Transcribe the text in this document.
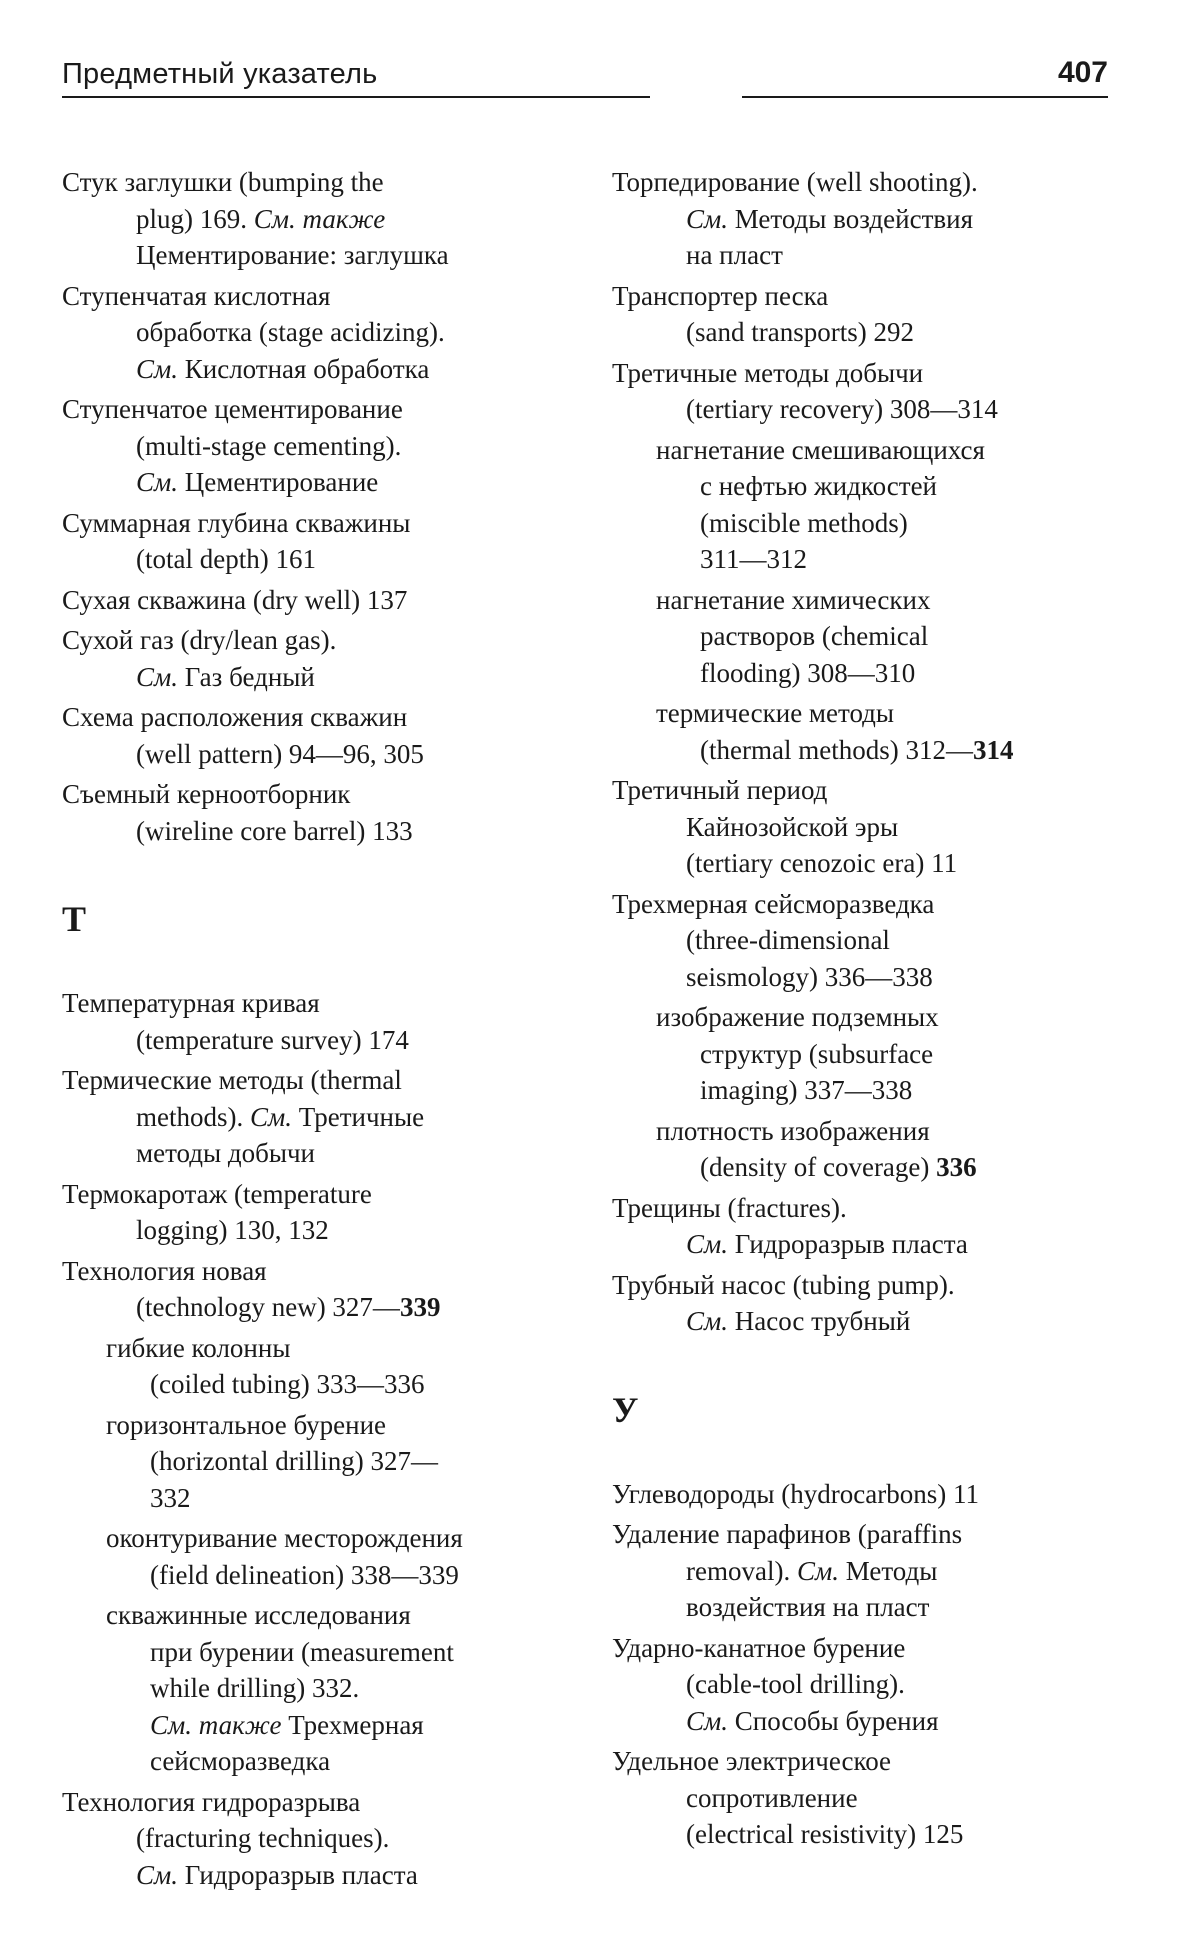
Предметный указатель	407
Стук заглушки (bumping the
plug) 169. См. также
Цементирование: заглушка
Ступенчатая кислотная
обработка (stage acidizing).
См. Кислотная обработка
Ступенчатое цементирование
(multi-stage cementing).
См. Цементирование
Суммарная глубина скважины
(total depth) 161
Сухая скважина (dry well) 137
Сухой газ (dry/lean gas).
См. Газ бедный
Схема расположения скважин
(well pattern) 94—96, 305
Съемный керноотборник
(wireline core barrel) 133
Т
Температурная кривая
(temperature survey) 174
Термические методы (thermal
methods). См. Третичные
методы добычи
Термокаротаж (temperature
logging) 130, 132
Технология новая
(technology new) 327—339
гибкие колонны
(coiled tubing) 333—336
горизонтальное бурение
(horizontal drilling) 327—
332
оконтуривание месторождения
(field delineation) 338—339
скважинные исследования
при бурении (measurement
while drilling) 332.
См. также Трехмерная
сейсморазведка
Технология гидроразрыва
(fracturing techniques).
См. Гидроразрыв пласта
Торпедирование (well shooting).
См. Методы воздействия
на пласт
Транспортер песка
(sand transports) 292
Третичные методы добычи
(tertiary recovery) 308—314
нагнетание смешивающихся
с нефтью жидкостей
(miscible methods)
311—312
нагнетание химических
растворов (chemical
flooding) 308—310
термические методы
(thermal methods) 312—314
Третичный период
Кайнозойской эры
(tertiary cenozoic era) 11
Трехмерная сейсморазведка
(three-dimensional
seismology) 336—338
изображение подземных
структур (subsurface
imaging) 337—338
плотность изображения
(density of coverage) 336
Трещины (fractures).
См. Гидроразрыв пласта
Трубный насос (tubing pump).
См. Насос трубный
У
Углеводороды (hydrocarbons) 11
Удаление парафинов (paraffins
removal). См. Методы
воздействия на пласт
Ударно-канатное бурение
(cable-tool drilling).
См. Способы бурения
Удельное электрическое
сопротивление
(electrical resistivity) 125
